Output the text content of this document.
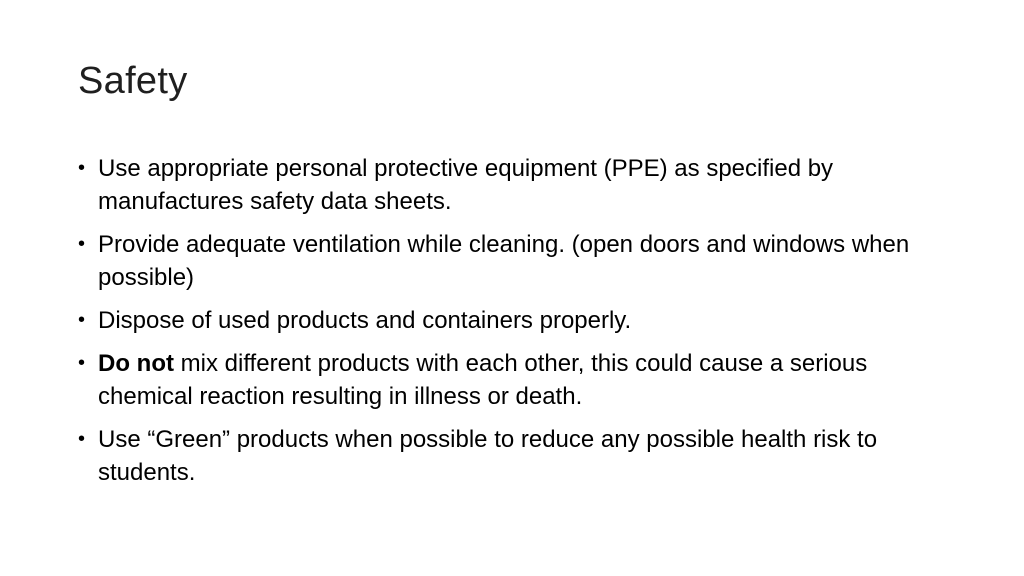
Safety
• Use appropriate personal protective equipment (PPE) as specified by manufactures safety data sheets.
• Provide adequate ventilation while cleaning. (open doors and windows when possible)
• Dispose of used products and containers properly.
• Do not mix different products with each other, this could cause a serious chemical reaction resulting in illness or death.
• Use “Green” products when possible to reduce any possible health risk to students.
